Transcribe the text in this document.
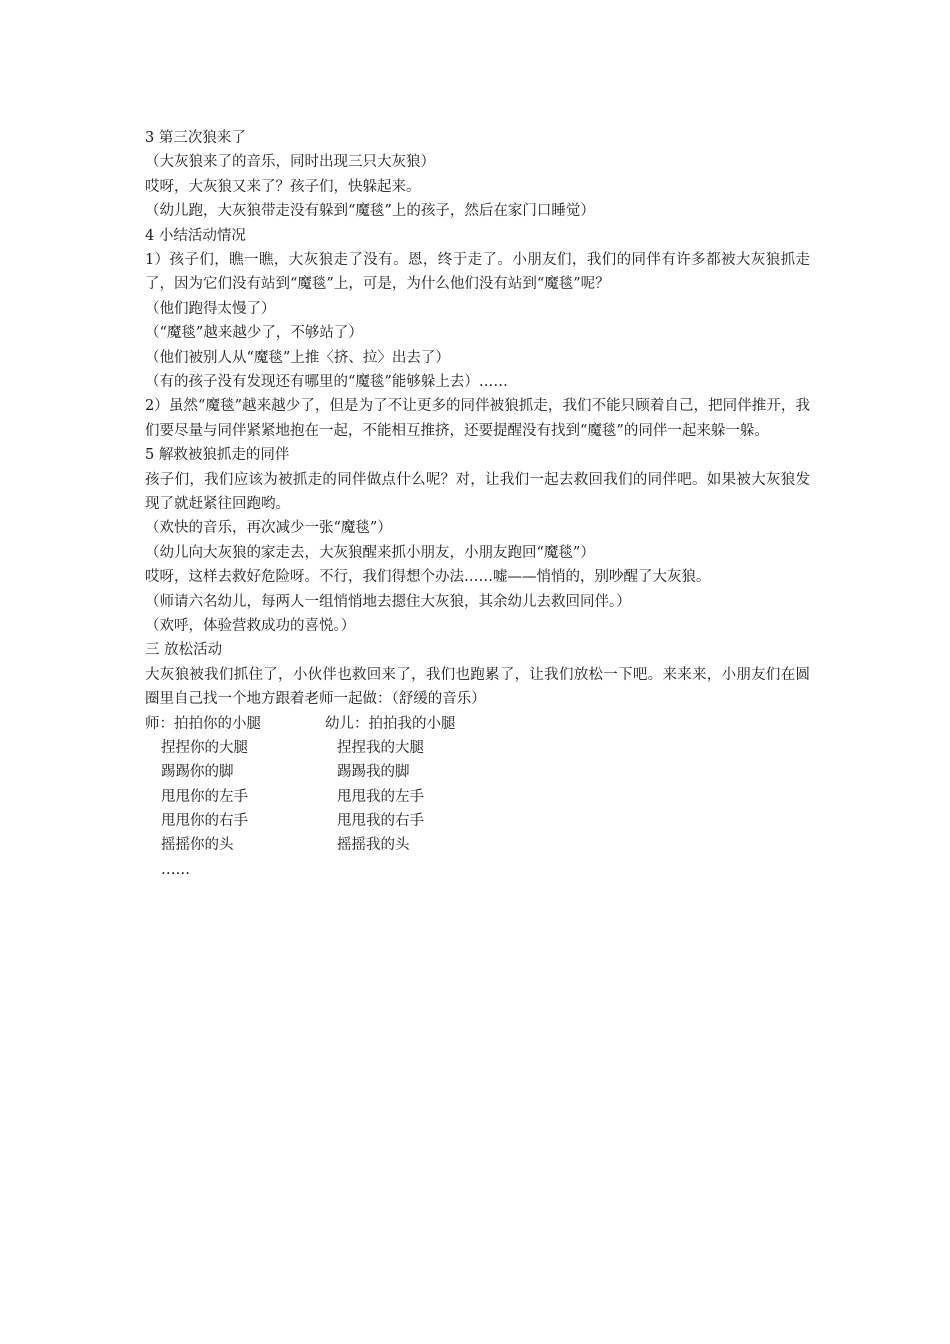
3 第三次狼来了
（大灰狼来了的音乐，同时出现三只大灰狼）
哎呀，大灰狼又来了？孩子们，快躲起来。
（幼儿跑，大灰狼带走没有躲到“魔毯”上的孩子，然后在家门口睡觉）
4 小结活动情况
1）孩子们，瞧一瞧，大灰狼走了没有。恩，终于走了。小朋友们，我们的同伴有许多都被大灰狼抓走了，因为它们没有站到“魔毯”上，可是，为什么他们没有站到“魔毯”呢？
（他们跑得太慢了）
（“魔毯”越来越少了，不够站了）
（他们被别人从“魔毯”上推〈挤、拉〉出去了）
（有的孩子没有发现还有哪里的“魔毯”能够躲上去）……
2）虽然“魔毯”越来越少了，但是为了不让更多的同伴被狼抓走，我们不能只顾着自己，把同伴推开，我们要尽量与同伴紧紧地抱在一起，不能相互推挤，还要提醒没有找到“魔毯”的同伴一起来躲一躲。
5 解救被狼抓走的同伴
孩子们，我们应该为被抓走的同伴做点什么呢？对，让我们一起去救回我们的同伴吧。如果被大灰狼发现了就赶紧往回跑哟。
（欢快的音乐，再次减少一张“魔毯”）
（幼儿向大灰狼的家走去，大灰狼醒来抓小朋友，小朋友跑回“魔毯”）
哎呀，这样去救好危险呀。不行，我们得想个办法……嘘——悄悄的，别吵醒了大灰狼。
（师请六名幼儿，每两人一组悄悄地去摁住大灰狼，其余幼儿去救回同伴。）
（欢呼，体验营救成功的喜悦。）
三 放松活动
大灰狼被我们抓住了，小伙伴也救回来了，我们也跑累了，让我们放松一下吧。来来来，小朋友们在圆圈里自己找一个地方跟着老师一起做：（舒缓的音乐）
师：拍拍你的小腿	幼儿：拍拍我的小腿
捏捏你的大腿	捏捏我的大腿
踢踢你的脚	踢踢我的脚
甩甩你的左手	甩甩我的左手
甩甩你的右手	甩甩我的右手
摇摇你的头	摇摇我的头
……
